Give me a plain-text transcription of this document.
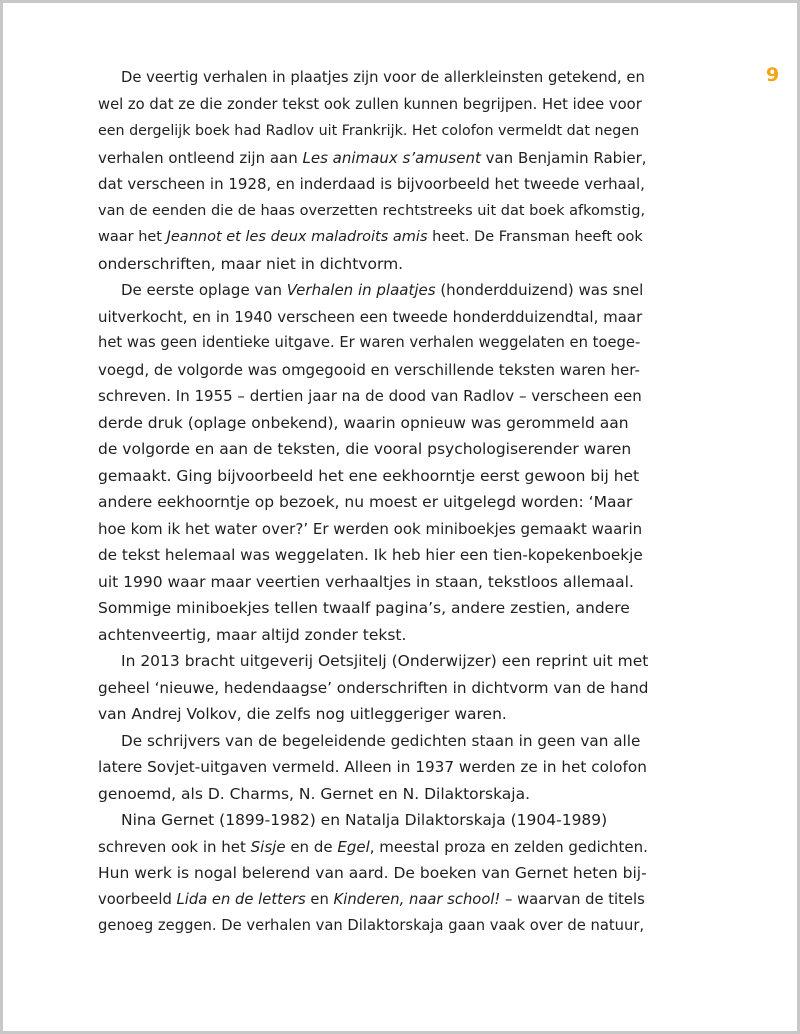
9
De veertig verhalen in plaatjes zijn voor de allerkleinsten getekend, en
wel zo dat ze die zonder tekst ook zullen kunnen begrijpen. Het idee voor
een dergelijk boek had Radlov uit Frankrijk. Het colofon vermeldt dat negen
verhalen ontleend zijn aan Les animaux s’amusent van Benjamin Rabier,
dat verscheen in 1928, en inderdaad is bijvoorbeeld het tweede verhaal,
van de eenden die de haas overzetten rechtstreeks uit dat boek afkomstig,
waar het Jeannot et les deux maladroits amis heet. De Fransman heeft ook
onderschriften, maar niet in dichtvorm.
De eerste oplage van Verhalen in plaatjes (honderdduizend) was snel
uitverkocht, en in 1940 verscheen een tweede honderdduizendtal, maar
het was geen identieke uitgave. Er waren verhalen weggelaten en toege-
voegd, de volgorde was omgegooid en verschillende teksten waren her-
schreven. In 1955 – dertien jaar na de dood van Radlov – verscheen een
derde druk (oplage onbekend), waarin opnieuw was gerommeld aan
de volgorde en aan de teksten, die vooral psychologiserender waren
gemaakt. Ging bijvoorbeeld het ene eekhoorntje eerst gewoon bij het
andere eekhoorntje op bezoek, nu moest er uitgelegd worden: ‘Maar
hoe kom ik het water over?’ Er werden ook miniboekjes gemaakt waarin
de tekst helemaal was weggelaten. Ik heb hier een tien-kopekenboekje
uit 1990 waar maar veertien verhaaltjes in staan, tekstloos allemaal.
Sommige miniboekjes tellen twaalf pagina’s, andere zestien, andere
achtenveertig, maar altijd zonder tekst.
In 2013 bracht uitgeverij Oetsjitelj (Onderwijzer) een reprint uit met
geheel ‘nieuwe, hedendaagse’ onderschriften in dichtvorm van de hand
van Andrej Volkov, die zelfs nog uitleggeriger waren.
De schrijvers van de begeleidende gedichten staan in geen van alle
latere Sovjet-uitgaven vermeld. Alleen in 1937 werden ze in het colofon
genoemd, als D. Charms, N. Gernet en N. Dilaktorskaja.
Nina Gernet (1899-1982) en Natalja Dilaktorskaja (1904-1989)
schreven ook in het Sisje en de Egel, meestal proza en zelden gedichten.
Hun werk is nogal belerend van aard. De boeken van Gernet heten bij-
voorbeeld Lida en de letters en Kinderen, naar school! – waarvan de titels
genoeg zeggen. De verhalen van Dilaktorskaja gaan vaak over de natuur,
